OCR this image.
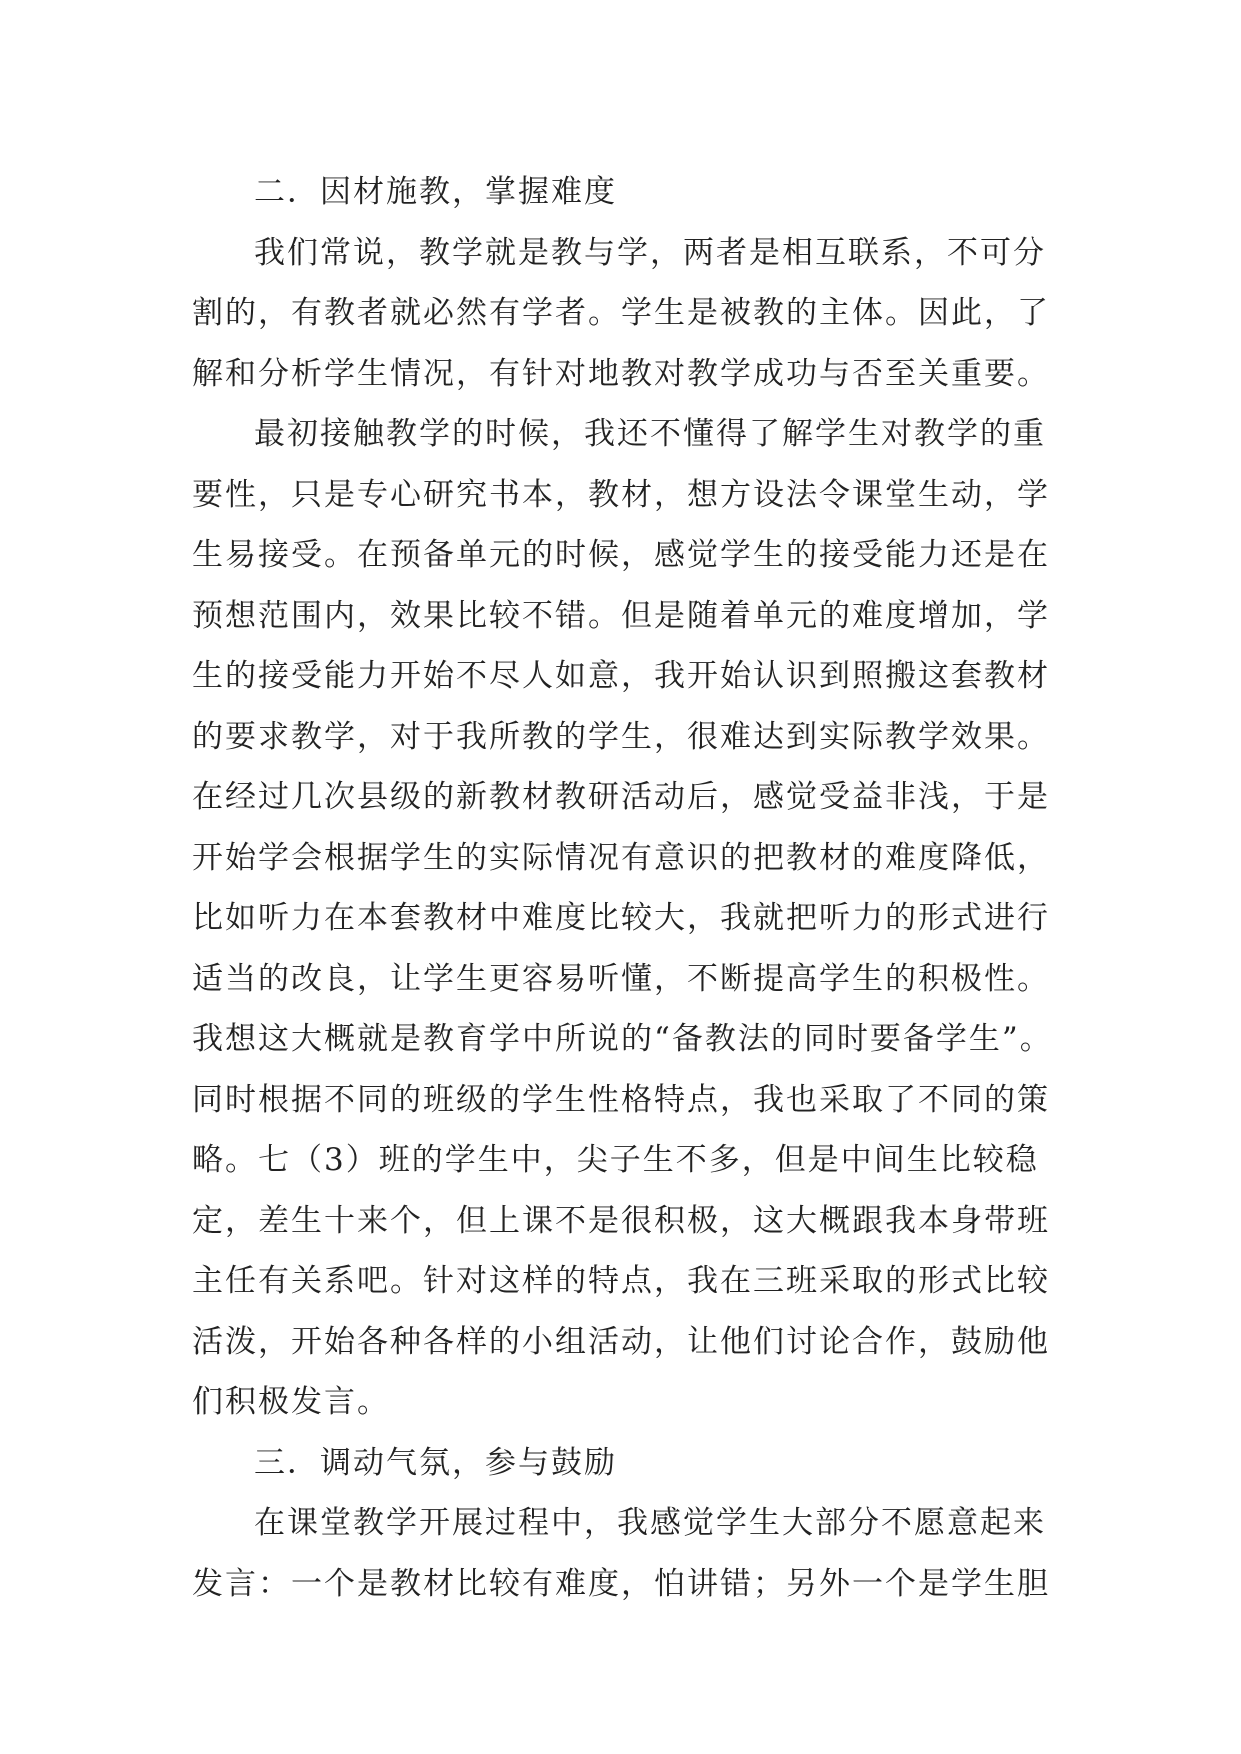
二．因材施教，掌握难度
我们常说，教学就是教与学，两者是相互联系，不可分
割的，有教者就必然有学者。学生是被教的主体。因此，了
解和分析学生情况，有针对地教对教学成功与否至关重要。
最初接触教学的时候，我还不懂得了解学生对教学的重
要性，只是专心研究书本，教材，想方设法令课堂生动，学
生易接受。在预备单元的时候，感觉学生的接受能力还是在
预想范围内，效果比较不错。但是随着单元的难度增加，学
生的接受能力开始不尽人如意，我开始认识到照搬这套教材
的要求教学，对于我所教的学生，很难达到实际教学效果。
在经过几次县级的新教材教研活动后，感觉受益非浅，于是
开始学会根据学生的实际情况有意识的把教材的难度降低，
比如听力在本套教材中难度比较大，我就把听力的形式进行
适当的改良，让学生更容易听懂，不断提高学生的积极性。
我想这大概就是教育学中所说的“备教法的同时要备学生”。
同时根据不同的班级的学生性格特点，我也采取了不同的策
略。七（3）班的学生中，尖子生不多，但是中间生比较稳
定，差生十来个，但上课不是很积极，这大概跟我本身带班
主任有关系吧。针对这样的特点，我在三班采取的形式比较
活泼，开始各种各样的小组活动，让他们讨论合作，鼓励他
们积极发言。
三．调动气氛，参与鼓励
在课堂教学开展过程中，我感觉学生大部分不愿意起来
发言：一个是教材比较有难度，怕讲错；另外一个是学生胆
